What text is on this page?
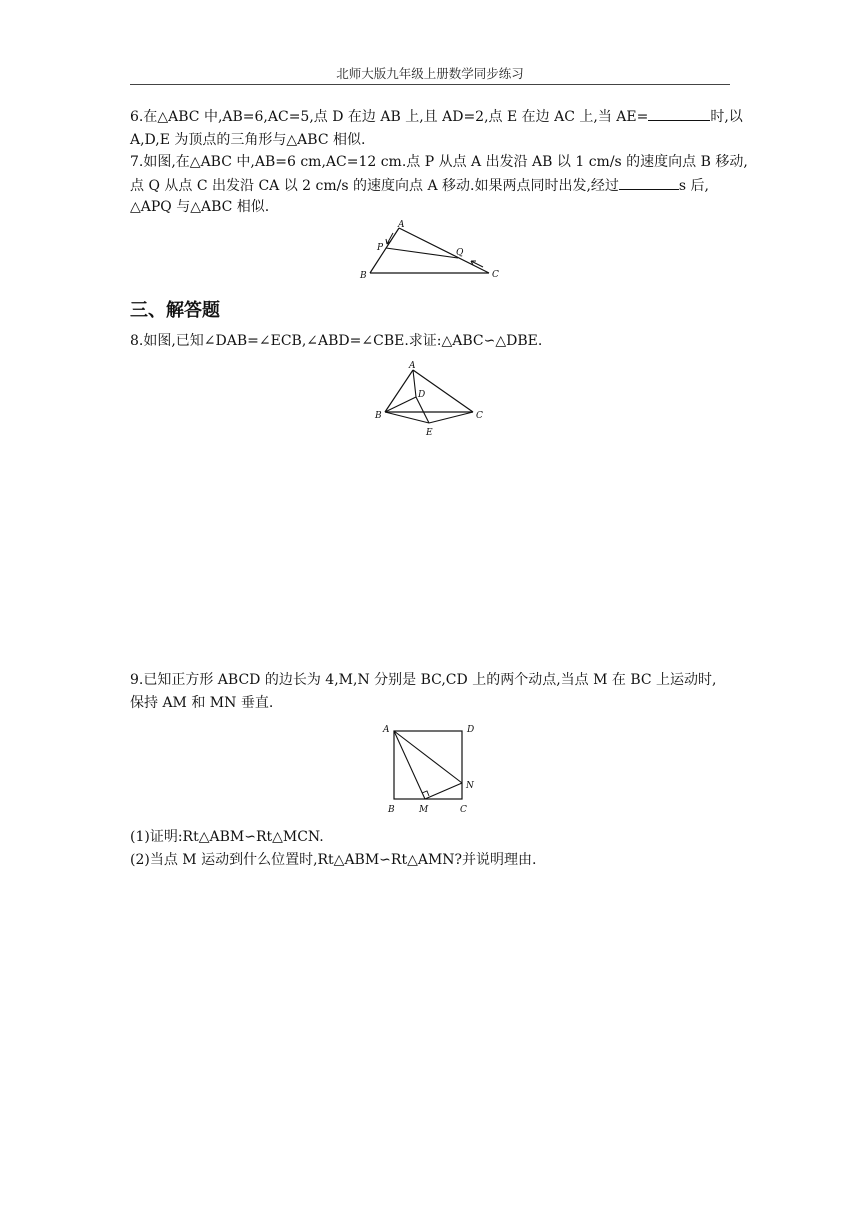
北师大版九年级上册数学同步练习
6.在△ABC 中,AB=6,AC=5,点 D 在边 AB 上,且 AD=2,点 E 在边 AC 上,当 AE=	时,以
A,D,E 为顶点的三角形与△ABC 相似.
7.如图,在△ABC 中,AB=6 cm,AC=12 cm.点 P 从点 A 出发沿 AB 以 1 cm/s 的速度向点 B 移动,
点 Q 从点 C 出发沿 CA 以 2 cm/s 的速度向点 A 移动.如果两点同时出发,经过	s 后,
△APQ 与△ABC 相似.
A
P	Q
B	C
三、解答题
8.如图,已知∠DAB=∠ECB,∠ABD=∠CBE.求证:△ABC∽△DBE.
A
D
B	C
E
9.已知正方形 ABCD 的边长为 4,M,N 分别是 BC,CD 上的两个动点,当点 M 在 BC 上运动时,
保持 AM 和 MN 垂直.
A	D
N
B	M	C
(1)证明:Rt△ABM∽Rt△MCN.
(2)当点 M 运动到什么位置时,Rt△ABM∽Rt△AMN?并说明理由.
